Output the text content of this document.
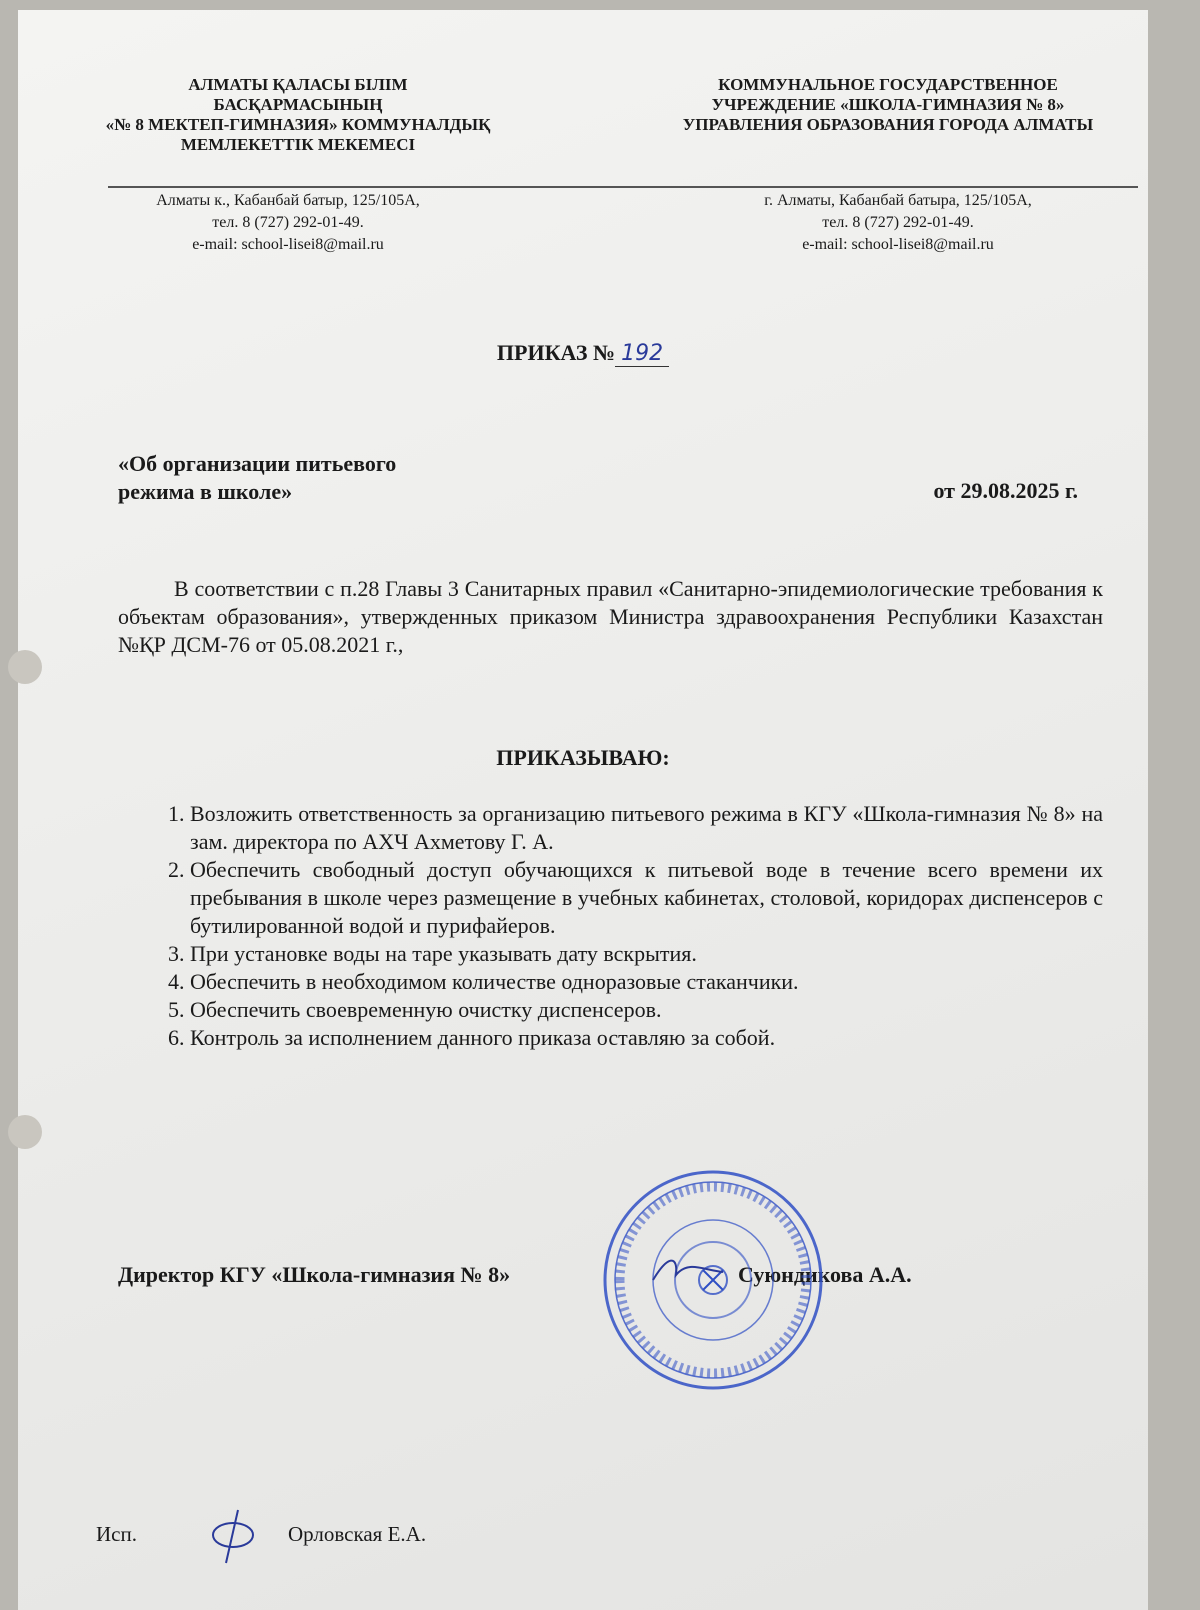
АЛМАТЫ ҚАЛАСЫ БІЛІМ
БАСҚАРМАСЫНЫҢ
«№ 8 МЕКТЕП-ГИМНАЗИЯ» КОММУНАЛДЫҚ
МЕМЛЕКЕТТІК МЕКЕМЕСІ
КОММУНАЛЬНОЕ ГОСУДАРСТВЕННОЕ
УЧРЕЖДЕНИЕ «ШКОЛА-ГИМНАЗИЯ № 8»
УПРАВЛЕНИЯ ОБРАЗОВАНИЯ ГОРОДА АЛМАТЫ
Алматы к., Кабанбай батыр, 125/105А,
тел. 8 (727) 292-01-49.
e-mail: school-lisei8@mail.ru
г. Алматы, Кабанбай батыра, 125/105А,
тел. 8 (727) 292-01-49.
e-mail: school-lisei8@mail.ru
ПРИКАЗ № 192
«Об организации питьевого
режима в школе»	от 29.08.2025 г.

В соответствии с п.28 Главы 3 Санитарных правил «Санитарно-эпидемиологические требования к объектам образования», утвержденных приказом Министра здравоохранения Республики Казахстан №ҚР ДСМ-76 от 05.08.2021 г.,

ПРИКАЗЫВАЮ:
1. Возложить ответственность за организацию питьевого режима в КГУ «Школа-гимназия № 8» на зам. директора по АХЧ Ахметову Г. А.
2. Обеспечить свободный доступ обучающихся к питьевой воде в течение всего времени их пребывания в школе через размещение в учебных кабинетах, столовой, коридорах диспенсеров с бутилированной водой и пурифайеров.
3. При установке воды на таре указывать дату вскрытия.
4. Обеспечить в необходимом количестве одноразовые стаканчики.
5. Обеспечить своевременную очистку диспенсеров.
6. Контроль за исполнением данного приказа оставляю за собой.
Директор КГУ «Школа-гимназия № 8»	Суюндикова А.А.
Исп.	Орловская Е.А.
